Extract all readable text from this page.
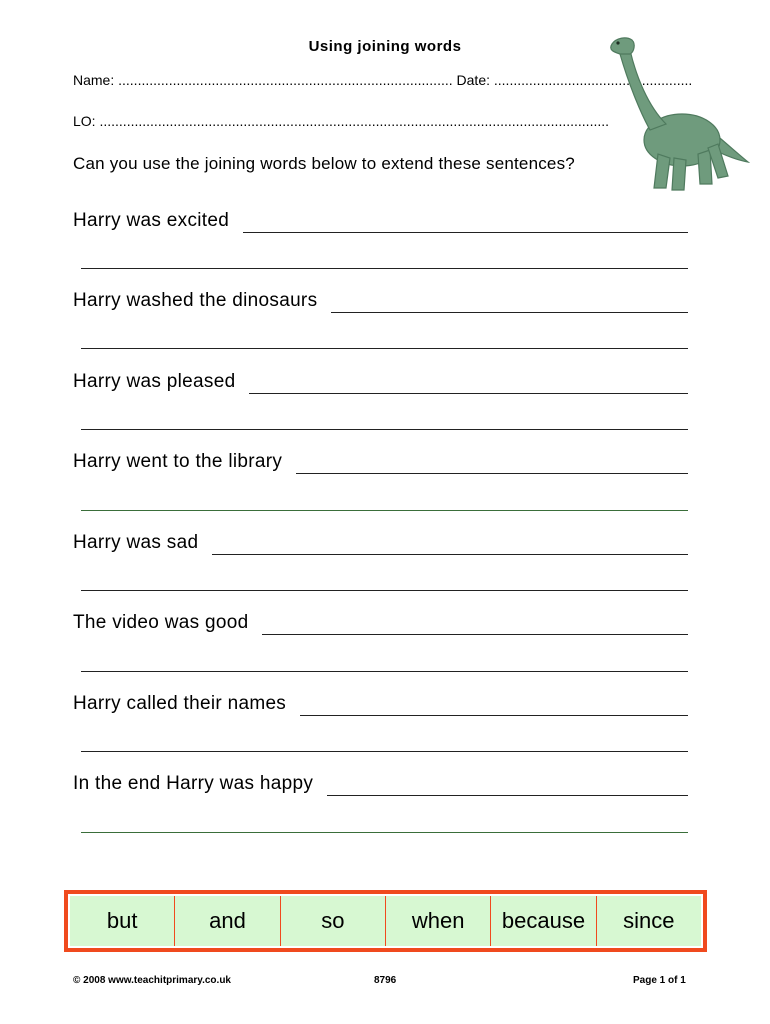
Using joining words
Name: ...................................................................................... Date: ...................................................
LO: ...................................................................................................................................
Can you use the joining words below to extend these sentences?
Harry was excited
Harry washed the dinosaurs
Harry was pleased
Harry went to the library
Harry was sad
The video was good
Harry called their names
In the end Harry was happy
but	and	so	when	because	since
© 2008 www.teachitprimary.co.uk	8796	Page 1 of 1
